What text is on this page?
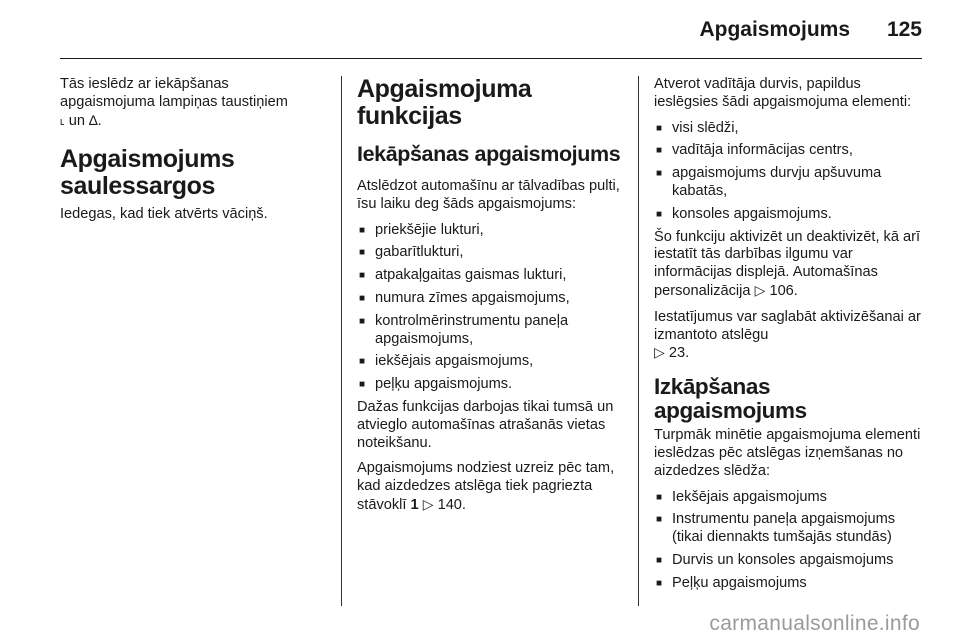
Apgaismojums 125

Tās ieslēdz ar iekāpšanas
apgaismojuma lampiņas taustiņiem
˪ un ∆.

Apgaismojums
saulessargos

Iedegas, kad tiek atvērts vāciņš.

Apgaismojuma
funkcijas
Iekāpšanas apgaismojums

Atslēdzot automašīnu ar tālvadības pulti, īsu laiku deg šāds apgaismojums:

■ priekšējie lukturi,
■ gabarītlukturi,
■ atpakaļgaitas gaismas lukturi,
■ numura zīmes apgaismojums,
■ kontrolmērinstrumentu paneļa apgaismojums,
■ iekšējais apgaismojums,
■ peļķu apgaismojums.

Dažas funkcijas darbojas tikai tumsā un atvieglo automašīnas atrašanās vietas noteikšanu.

Apgaismojums nodziest uzreiz pēc tam, kad aizdedzes atslēga tiek pagriezta stāvoklī 1 ▷ 140.

Atverot vadītāja durvis, papildus ieslēgsies šādi apgaismojuma elementi:

■ visi slēdži,
■ vadītāja informācijas centrs,
■ apgaismojums durvju apšuvuma kabatās,
■ konsoles apgaismojums.

Šo funkciju aktivizēt un deaktivizēt, kā arī iestatīt tās darbības ilgumu var informācijas displejā. Automašīnas personalizācija ▷ 106.

Iestatījumus var saglabāt aktivizēšanai ar izmantoto atslēgu
▷ 23.

Izkāpšanas apgaismojums

Turpmāk minētie apgaismojuma elementi ieslēdzas pēc atslēgas izņemšanas no aizdedzes slēdža:

■ Iekšējais apgaismojums
■ Instrumentu paneļa apgaismojums (tikai diennakts tumšajās stundās)
■ Durvis un konsoles apgaismojums
■ Peļķu apgaismojums
carmanualsonline.info
